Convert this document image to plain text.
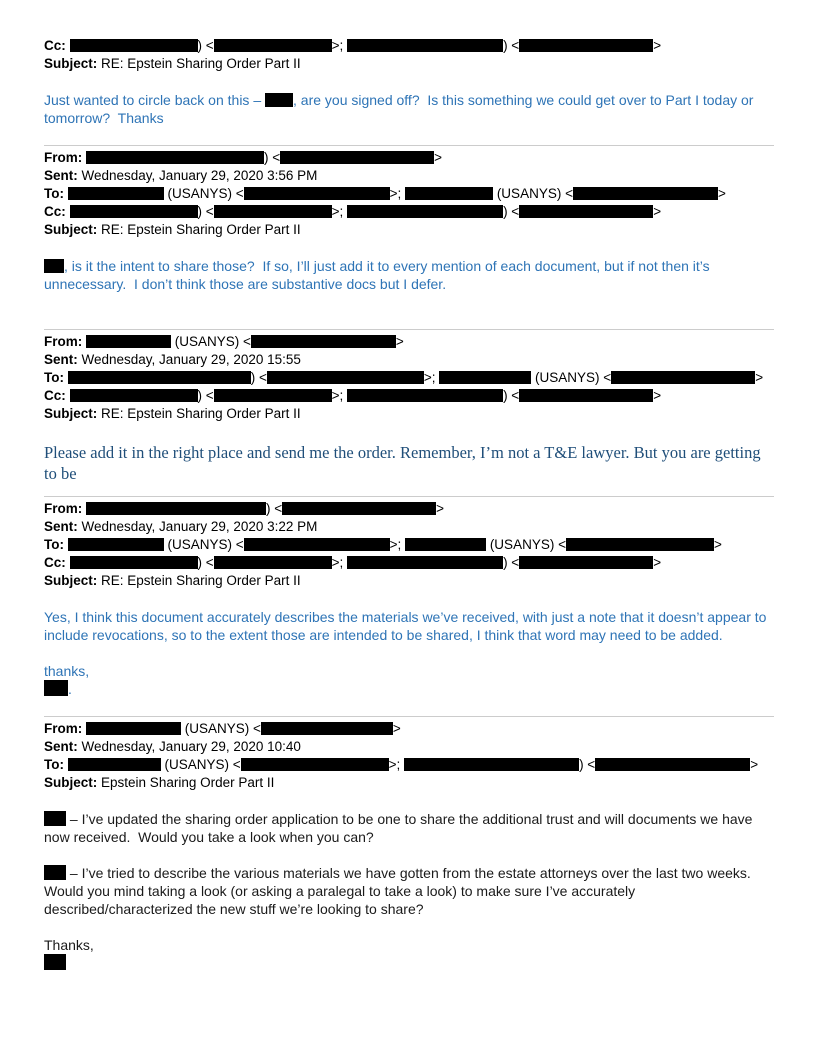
Cc:	) <	>;	) <	>
Subject: RE: Epstein Sharing Order Part II
Just wanted to circle back on this – , are you signed off?  Is this something we could get over to Part I today or tomorrow?  Thanks
From:	) <	>
Sent: Wednesday, January 29, 2020 3:56 PM
To:	(USANYS) <	>;	(USANYS) <	>
Cc:	) <	>;	) <	>
Subject: RE: Epstein Sharing Order Part II
, is it the intent to share those?  If so, I’ll just add it to every mention of each document, but if not then it’s unnecessary.  I don’t think those are substantive docs but I defer.
From:	(USANYS) <	>
Sent: Wednesday, January 29, 2020 15:55
To:	) <	>;	(USANYS) <	>
Cc:	) <	>;	) <	>
Subject: RE: Epstein Sharing Order Part II
Please add it in the right place and send me the order. Remember, I’m not a T&E lawyer. But you are getting to be
From:	) <	>
Sent: Wednesday, January 29, 2020 3:22 PM
To:	(USANYS) <	>;	(USANYS) <	>
Cc:	) <	>;	) <	>
Subject: RE: Epstein Sharing Order Part II
Yes, I think this document accurately describes the materials we’ve received, with just a note that it doesn’t appear to include revocations, so to the extent those are intended to be shared, I think that word may need to be added.
thanks,
.
From:	(USANYS) <	>
Sent: Wednesday, January 29, 2020 10:40
To:	(USANYS) <	>;	) <	>
Subject: Epstein Sharing Order Part II
– I’ve updated the sharing order application to be one to share the additional trust and will documents we have now received.  Would you take a look when you can?
– I’ve tried to describe the various materials we have gotten from the estate attorneys over the last two weeks. Would you mind taking a look (or asking a paralegal to take a look) to make sure I’ve accurately described/characterized the new stuff we’re looking to share?
Thanks,
